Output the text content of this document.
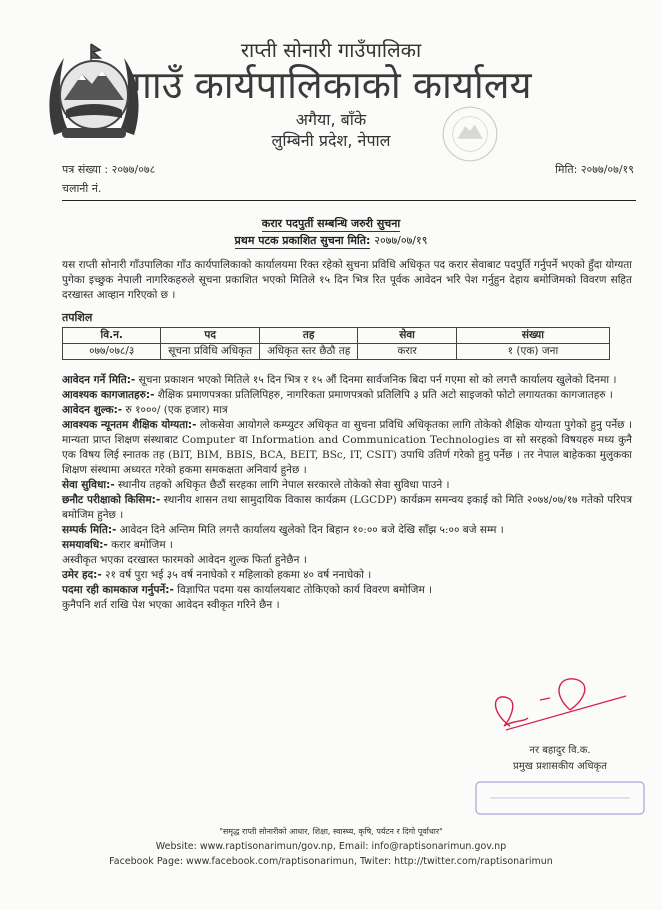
राप्ती सोनारी गाउँपालिका
गाउँ कार्यपालिकाको कार्यालय
अगैया, बाँके
लुम्बिनी प्रदेश, नेपाल
पत्र संख्या : २०७७/०७८
चलानी नं.
मिति: २०७७/०७/१९
करार पदपुर्ती सम्बन्धि जरुरी सुचना
प्रथम पटक प्रकाशित सुचना मिति: २०७७/०७/१९
यस राप्ती सोनारी गाँउपालिका गाँउ कार्यपालिकाको कार्यालयमा रिक्त रहेको सुचना प्रविधि अधिकृत पद करार सेवाबाट पदपुर्ति गर्नुपर्ने भएको हुँदा योग्यता पुगेका इच्छुक नेपाली नागरिकहरुले सूचना प्रकाशित भएको मितिले १५ दिन भित्र रित पूर्वक आवेदन भरि पेश गर्नुहुन देहाय बमोजिमको विवरण सहित दरखास्त आव्हान गरिएको छ ।
तपशिल
वि.न.	पद	तह	सेवा	संख्या
०७७/०७८/३	सूचना प्रविधि अधिकृत	अधिकृत स्तर छैठौ तह	करार	१ (एक) जना

आवेदन गर्ने मिति:- सूचना प्रकाशन भएको मितिले १५ दिन भित्र र १५ औं दिनमा सार्वजनिक बिदा पर्न गएमा सो को लगत्तै कार्यालय खुलेको दिनमा ।

आवश्यक कागजातहरु:- शैक्षिक प्रमाणपत्रका प्रतिलिपिहरु, नागरिकता प्रमाणपत्रको प्रतिलिपि ३ प्रति अटो साइजको फोटो लगायतका कागजातहरु ।

आवेदन शुल्क:- रु १०००/ (एक हजार) मात्र

आवश्यक न्यूनतम शैक्षिक योग्यता:- लोकसेवा आयोगले कम्प्युटर अधिकृत वा सुचना प्रविधि अधिकृतका लागि तोकेको शैक्षिक योग्यता पुगेको हुनु पर्नेछ । मान्यता प्राप्त शिक्षण संस्थाबाट Computer वा Information and Communication Technologies वा सो सरहको विषयहरु मध्य कुनै एक विषय लिई स्नातक तह (BIT, BIM, BBIS, BCA, BEIT, BSc, IT, CSIT) उपाधि उतिर्ण गरेको हुनु पर्नेछ । तर नेपाल बाहेकका मुलुकका शिक्षण संस्थामा अध्यरत गरेको हकमा समकक्षता अनिवार्य हुनेछ ।

सेवा सुविधा:- स्थानीय तहको अधिकृत छैठौं सरहका लागि नेपाल सरकारले तोकेको सेवा सुविधा पाउने ।

छनौट परीक्षाको किसिम:- स्थानीय शासन तथा सामुदायिक विकास कार्यक्रम (LGCDP) कार्यक्रम समन्वय इकाई को मिति २०७४/०७/१७ गतेको परिपत्र बमोजिम हुनेछ ।

सम्पर्क मिति:- आवेदन दिने अन्तिम मिति लगत्तै कार्यालय खुलेको दिन बिहान १०:०० बजे देखि साँझ ५:०० बजे सम्म ।

समयावधि:- करार बमोजिम ।

अस्वीकृत भएका दरखास्त फारमको आवेदन शुल्क फिर्ता हुनेछैन ।

उमेर हद:- २१ वर्ष पुरा भई ३५ वर्ष ननाघेको र महिलाको हकमा ४० वर्ष ननाघेको ।

पदमा रही कामकाज गर्नुपर्ने:- विज्ञापित पदमा यस कार्यालयबाट तोकिएको कार्य विवरण बमोजिम ।

कुनैपनि शर्त राखि पेश भएका आवेदन स्वीकृत गरिने छैन ।

नर बहादुर वि.क.
प्रमुख प्रशासकीय अधिकृत
"समृद्ध राप्ती सोनारीको आधार, शिक्षा, स्वास्थ्य, कृषि, पर्यटन र दिगो पूर्वाधार"
Website: www.raptisonarimun/gov.np, Email: info@raptisonarimun.gov.np
Facebook Page: www.facebook.com/raptisonarimun, Twiter: http://twitter.com/raptisonarimun
